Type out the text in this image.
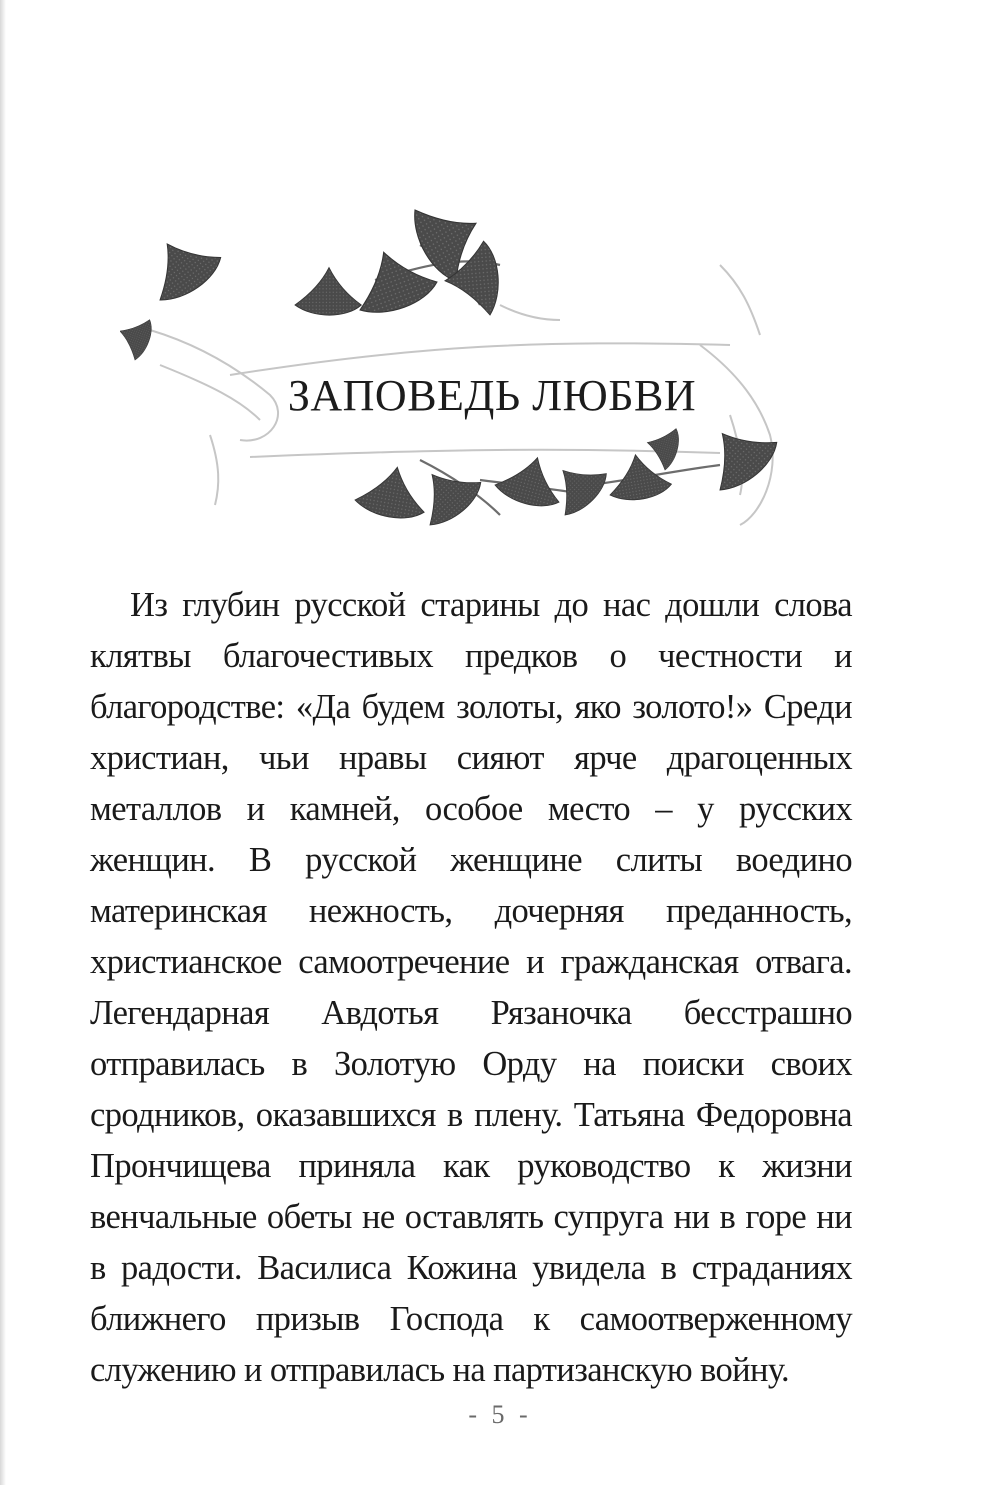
ЗАПОВЕДЬ ЛЮБВИ

Из глубин русской старины до нас дошли слова клятвы благочестивых предков о честности и благородстве: «Да будем золоты, яко золото!» Среди христиан, чьи нравы сияют ярче драгоценных металлов и камней, особое место – у русских женщин. В русской женщине слиты воедино материнская нежность, дочерняя преданность, христианское самоотречение и гражданская отвага. Легендарная Авдотья Рязаночка бесстрашно отправилась в Золотую Орду на поиски своих сродников, оказавшихся в плену. Татьяна Федоровна Прончищева приняла как руководство к жизни венчальные обеты не оставлять супруга ни в горе ни в радости. Василиса Кожина увидела в страданиях ближнего призыв Господа к самоотверженному служению и отправилась на партизанскую войну.

- 5 -
